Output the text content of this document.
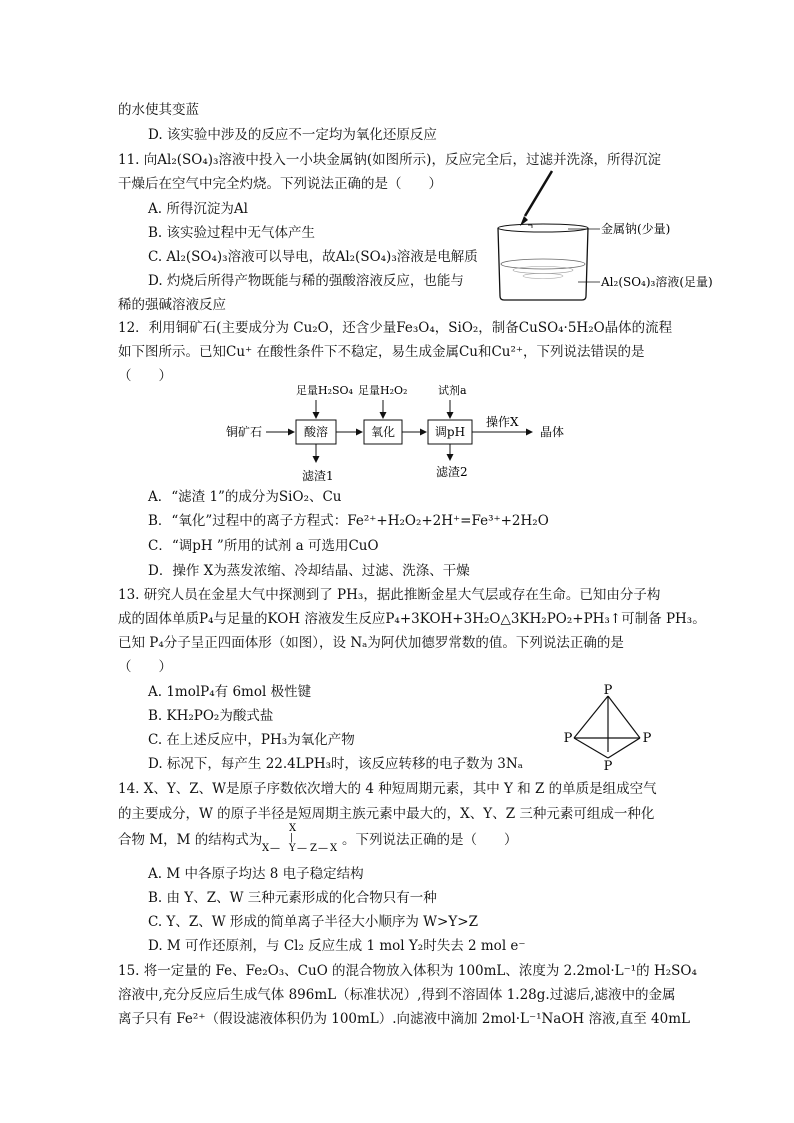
的水使其变蓝
D. 该实验中涉及的反应不一定均为氧化还原反应
11. 向Al₂(SO₄)₃溶液中投入一小块金属钠(如图所示)，反应完全后，过滤并洗涤，所得沉淀
干燥后在空气中完全灼烧。下列说法正确的是（　　）
A. 所得沉淀为Al
B. 该实验过程中无气体产生
C. Al₂(SO₄)₃溶液可以导电，故Al₂(SO₄)₃溶液是电解质
D. 灼烧后所得产物既能与稀的强酸溶液反应，也能与
稀的强碱溶液反应
金属钠(少量)
Al₂(SO₄)₃溶液(足量)
12．利用铜矿石(主要成分为 Cu₂O，还含少量Fe₃O₄，SiO₂，制备CuSO₄·5H₂O晶体的流程
如下图所示。已知Cu⁺ 在酸性条件下不稳定，易生成金属Cu和Cu²⁺，下列说法错误的是
（　　）
铜矿石	酸溶	氧化	调pH
操作X
晶体
足量H₂SO₄ 足量H₂O₂	试剂a
滤渣1	滤渣2
A．“滤渣 1”的成分为SiO₂、Cu
B．“氧化”过程中的离子方程式：Fe²⁺+H₂O₂+2H⁺=Fe³⁺+2H₂O
C．“调pH ”所用的试剂 a 可选用CuO
D．操作 X为蒸发浓缩、冷却结晶、过滤、洗涤、干燥
13. 研究人员在金星大气中探测到了 PH₃，据此推断金星大气层或存在生命。已知由分子构
成的固体单质P₄与足量的KOH 溶液发生反应P₄+3KOH+3H₂O△3KH₂PO₂+PH₃↑可制备 PH₃。
已知 P₄分子呈正四面体形（如图），设 Nₐ为阿伏加德罗常数的值。下列说法正确的是
（　　）
A. 1molP₄有 6mol 极性键
B. KH₂PO₂为酸式盐
C. 在上述反应中，PH₃为氧化产物
D. 标况下，每产生 22.4LPH₃时，该反应转移的电子数为 3Nₐ
P
P	P
P
14. X、Y、Z、W是原子序数依次增大的 4 种短周期元素，其中 Y 和 Z 的单质是组成空气
的主要成分，W 的原子半径是短周期主族元素中最大的，X、Y、Z 三种元素可组成一种化
合物 M，M 的结构式为
X
|
X — Y — Z — X
。下列说法正确的是（　　）
A. M 中各原子均达 8 电子稳定结构
B. 由 Y、Z、W 三种元素形成的化合物只有一种
C. Y、Z、W 形成的简单离子半径大小顺序为 W>Y>Z
D. M 可作还原剂，与 Cl₂ 反应生成 1 mol Y₂时失去 2 mol e⁻
15. 将一定量的 Fe、Fe₂O₃、CuO 的混合物放入体积为 100mL、浓度为 2.2mol·L⁻¹的 H₂SO₄
溶液中,充分反应后生成气体 896mL（标准状况）,得到不溶固体 1.28g.过滤后,滤液中的金属
离子只有 Fe²⁺（假设滤液体积仍为 100mL）.向滤液中滴加 2mol·L⁻¹NaOH 溶液,直至 40mL
